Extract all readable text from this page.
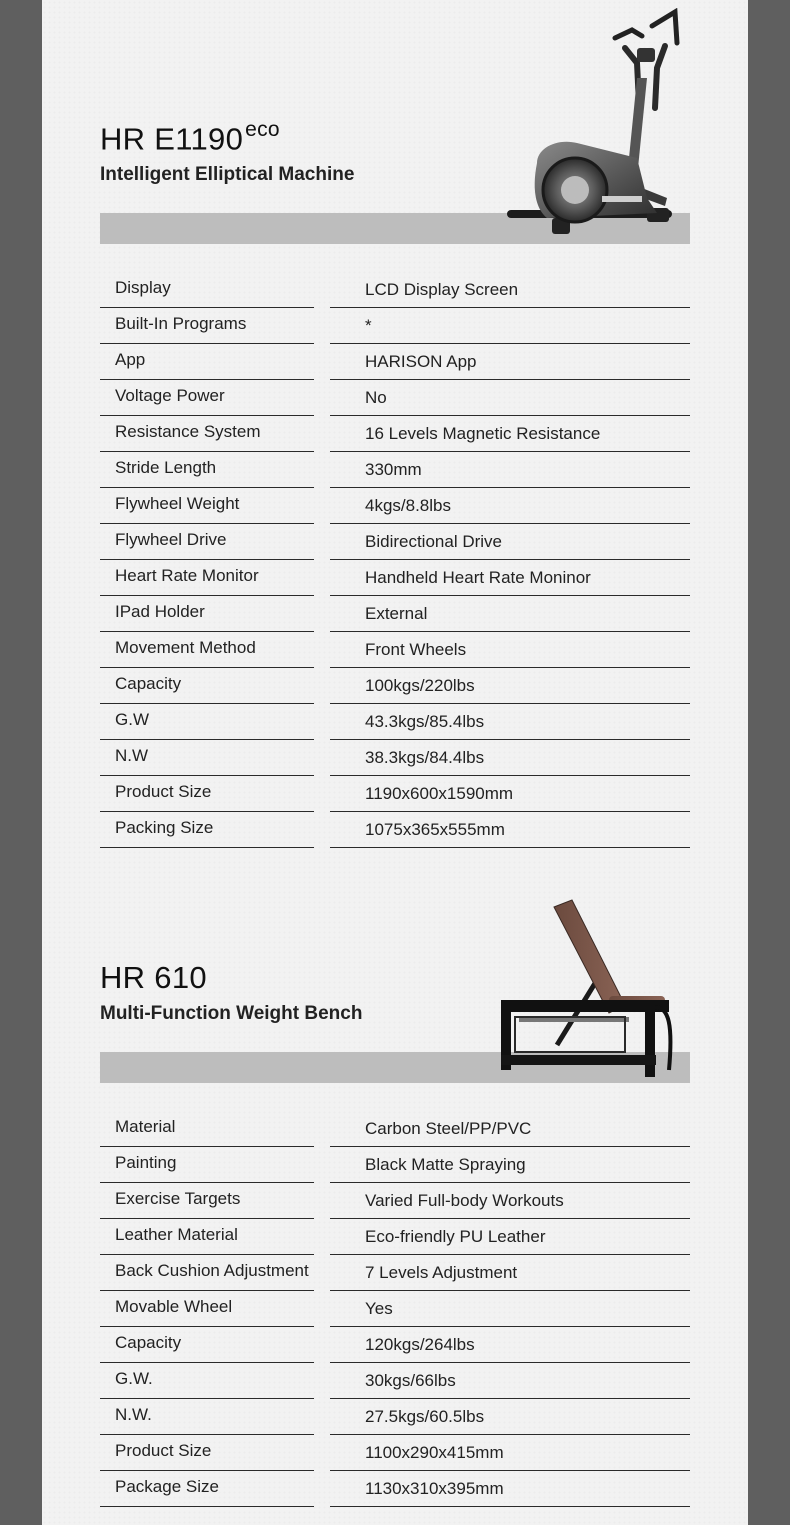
HR $E1190^{eco}$
Intelligent Elliptical Machine
Display	LCD Display Screen
Built-In Programs	*
App	HARISON App
Voltage Power	No
Resistance System	16 Levels Magnetic Resistance
Stride Length	330mm
Flywheel Weight	4kgs/8.8lbs
Flywheel Drive	Bidirectional Drive
Heart Rate Monitor	Handheld Heart Rate Moninor
IPad Holder	External
Movement Method	Front Wheels
Capacity	100kgs/220lbs
G.W	43.3kgs/85.4lbs
N.W	38.3kgs/84.4lbs
Product Size	1190x600x1590mm
Packing Size	1075x365x555mm
HR 610
Multi-Function Weight Bench
Material	Carbon Steel/PP/PVC
Painting	Black Matte Spraying
Exercise Targets	Varied Full-body Workouts
Leather Material	Eco-friendly PU Leather
Back Cushion Adjustment	7 Levels Adjustment
Movable Wheel	Yes
Capacity	120kgs/264lbs
G.W.	30kgs/66lbs
N.W.	27.5kgs/60.5lbs
Product Size	1100x290x415mm
Package Size	1130x310x395mm
